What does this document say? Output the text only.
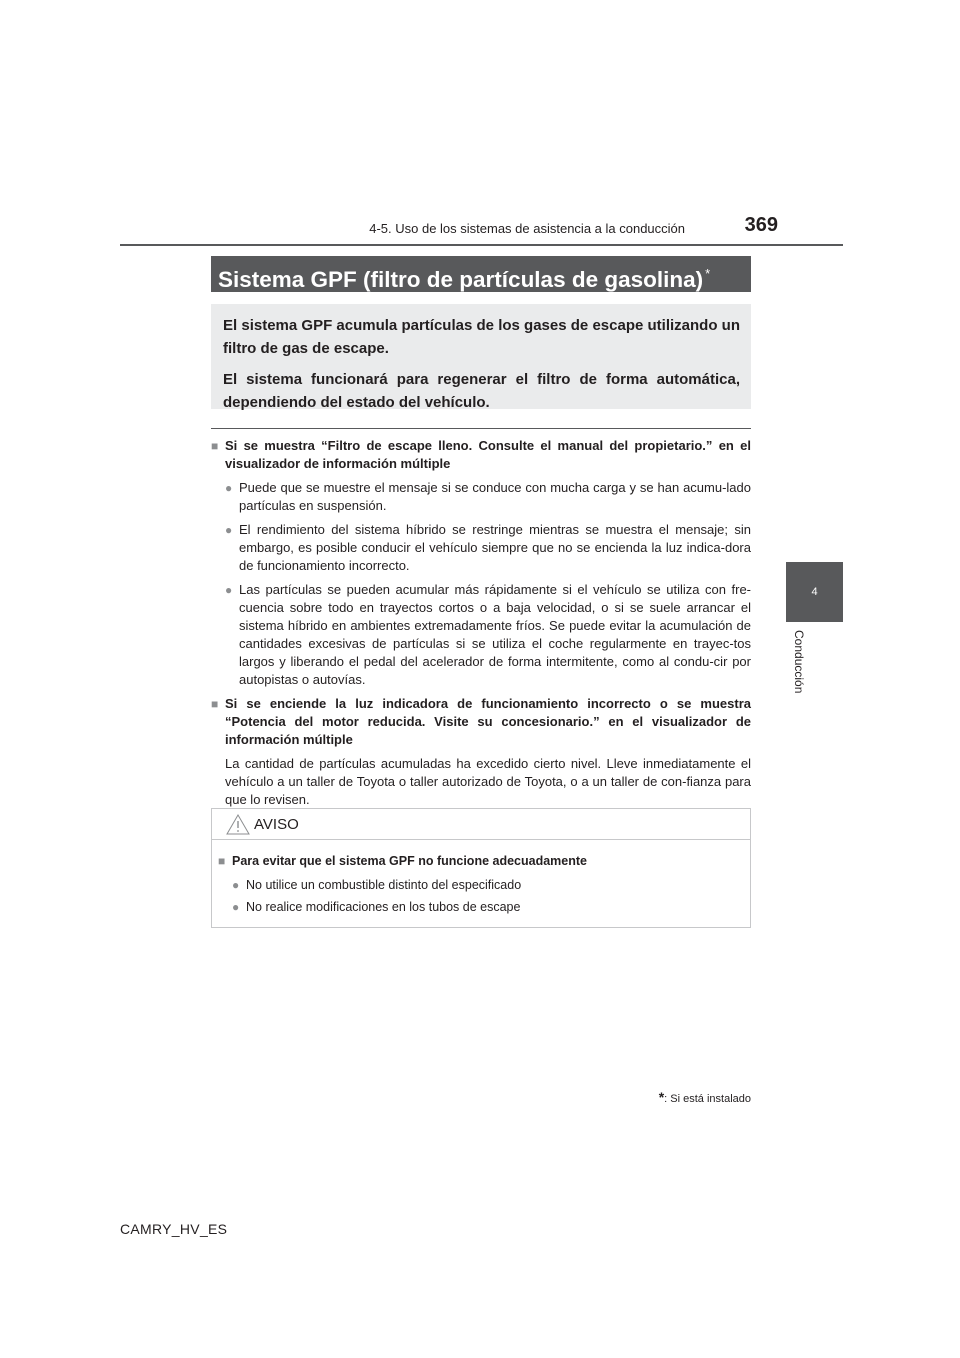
4-5. Uso de los sistemas de asistencia a la conducción	369
4
Conducción
Sistema GPF (filtro de partículas de gasolina) *

El sistema GPF acumula partículas de los gases de escape utilizando un filtro de gas de escape.

El sistema funcionará para regenerar el filtro de forma automática, dependiendo del estado del vehículo.

■ Si se muestra “Filtro de escape lleno. Consulte el manual del propietario.” en el visualizador de información múltiple
● Puede que se muestre el mensaje si se conduce con mucha carga y se han acumu-lado partículas en suspensión.
● El rendimiento del sistema híbrido se restringe mientras se muestra el mensaje; sin embargo, es posible conducir el vehículo siempre que no se encienda la luz indica-dora de funcionamiento incorrecto.
● Las partículas se pueden acumular más rápidamente si el vehículo se utiliza con fre-cuencia sobre todo en trayectos cortos o a baja velocidad, o si se suele arrancar el sistema híbrido en ambientes extremadamente fríos. Se puede evitar la acumulación de cantidades excesivas de partículas si se utiliza el coche regularmente en trayec-tos largos y liberando el pedal del acelerador de forma intermitente, como al condu-cir por autopistas o autovías.
■ Si se enciende la luz indicadora de funcionamiento incorrecto o se muestra “Potencia del motor reducida. Visite su concesionario.” en el visualizador de información múltiple

La cantidad de partículas acumuladas ha excedido cierto nivel. Lleve inmediatamente el vehículo a un taller de Toyota o taller autorizado de Toyota, o a un taller de con-fianza para que lo revisen.

AVISO
■ Para evitar que el sistema GPF no funcione adecuadamente
● No utilice un combustible distinto del especificado
● No realice modificaciones en los tubos de escape
*: Si está instalado
CAMRY_HV_ES
